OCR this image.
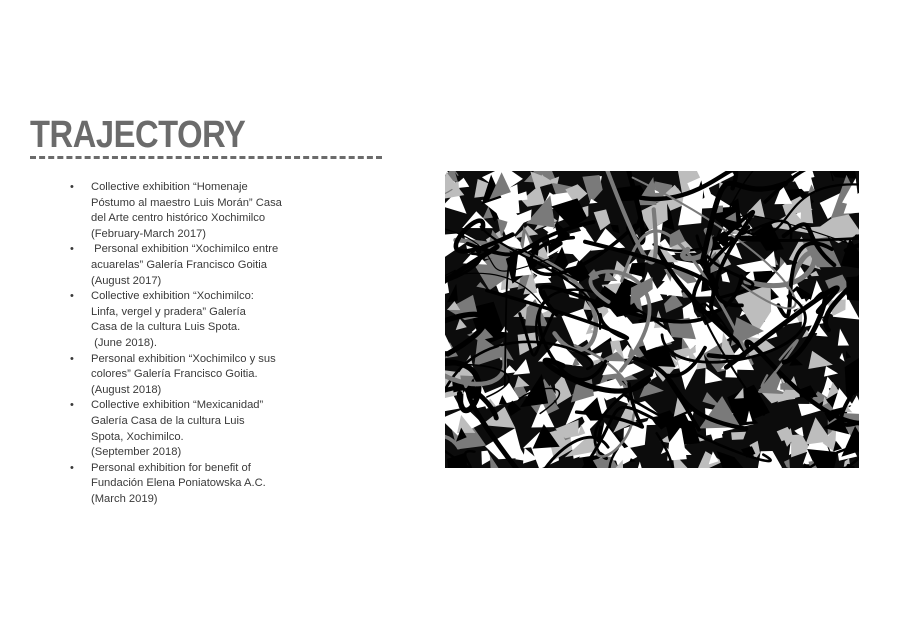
TRAJECTORY
• Collective exhibition “Homenaje
Póstumo al maestro Luis Morán” Casa
del Arte centro histórico Xochimilco
(February-March 2017)
• Personal exhibition “Xochimilco entre
acuarelas” Galería Francisco Goitia
(August 2017)
• Collective exhibition “Xochimilco:
Linfa, vergel y pradera” Galería
Casa de la cultura Luis Spota.
(June 2018).
• Personal exhibition “Xochimilco y sus
colores” Galería Francisco Goitia.
(August 2018)
• Collective exhibition “Mexicanidad”
Galería Casa de la cultura Luis
Spota, Xochimilco.
(September 2018)
• Personal exhibition for benefit of
Fundación Elena Poniatowska A.C.
(March 2019)
